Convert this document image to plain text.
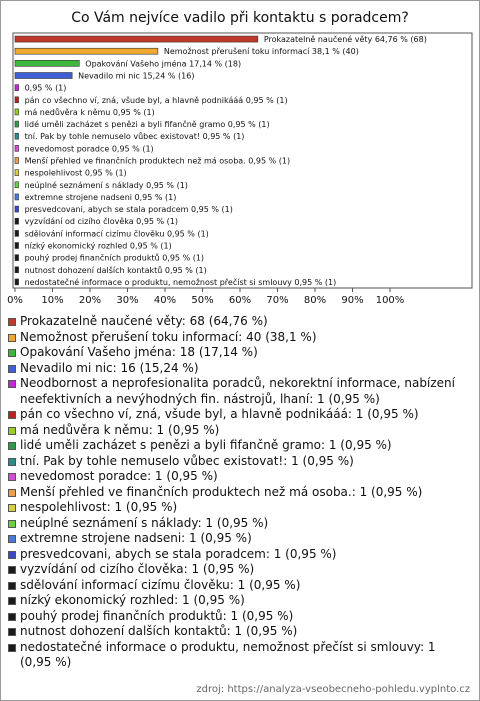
Co Vám nejvíce vadilo při kontaktu s poradcem?
Prokazatelně naučené věty 64,76 % (68)
Nemožnost přerušení toku informací 38,1 % (40)
Opakování Vašeho jména 17,14 % (18)
Nevadilo mi nic 15,24 % (16)
0,95 % (1)
pán co všechno ví, zná, všude byl, a hlavně podnikááá 0,95 % (1)
má nedůvěra k němu 0,95 % (1)
lidé uměli zacházet s penězi a byli fifančně gramo 0,95 % (1)
tní. Pak by tohle nemuselo vůbec existovat! 0,95 % (1)
nevedomost poradce 0,95 % (1)
Menší přehled ve finančních produktech než má osoba. 0,95 % (1)
nespolehlivost 0,95 % (1)
neúplné seznámení s náklady 0,95 % (1)
extremne strojene nadseni 0,95 % (1)
presvedcovani, abych se stala poradcem 0,95 % (1)
vyzvídání od cizího člověka 0,95 % (1)
sdělování informací cizímu člověku 0,95 % (1)
nízký ekonomický rozhled 0,95 % (1)
pouhý prodej finančních produktů 0,95 % (1)
nutnost dohození dalších kontaktů 0,95 % (1)
nedostatečné informace o produktu, nemožnost přečíst si smlouvy 0,95 % (1)
0% 10% 20% 30% 40% 50% 60% 70% 80% 90% 100%
Prokazatelně naučené věty: 68 (64,76 %)
Nemožnost přerušení toku informací: 40 (38,1 %)
Opakování Vašeho jména: 18 (17,14 %)
Nevadilo mi nic: 16 (15,24 %)
Neodbornost a neprofesionalita poradců, nekorektní informace, nabízení neefektivních a nevýhodných fin. nástrojů, lhaní: 1 (0,95 %)
pán co všechno ví, zná, všude byl, a hlavně podnikááá: 1 (0,95 %)
má nedůvěra k němu: 1 (0,95 %)
lidé uměli zacházet s penězi a byli fifančně gramo: 1 (0,95 %)
tní. Pak by tohle nemuselo vůbec existovat!: 1 (0,95 %)
nevedomost poradce: 1 (0,95 %)
Menší přehled ve finančních produktech než má osoba.: 1 (0,95 %)
nespolehlivost: 1 (0,95 %)
neúplné seznámení s náklady: 1 (0,95 %)
extremne strojene nadseni: 1 (0,95 %)
presvedcovani, abych se stala poradcem: 1 (0,95 %)
vyzvídání od cizího člověka: 1 (0,95 %)
sdělování informací cizímu člověku: 1 (0,95 %)
nízký ekonomický rozhled: 1 (0,95 %)
pouhý prodej finančních produktů: 1 (0,95 %)
nutnost dohození dalších kontaktů: 1 (0,95 %)
nedostatečné informace o produktu, nemožnost přečíst si smlouvy: 1 (0,95 %)
zdroj: https://analyza-vseobecneho-pohledu.vyplnto.cz
